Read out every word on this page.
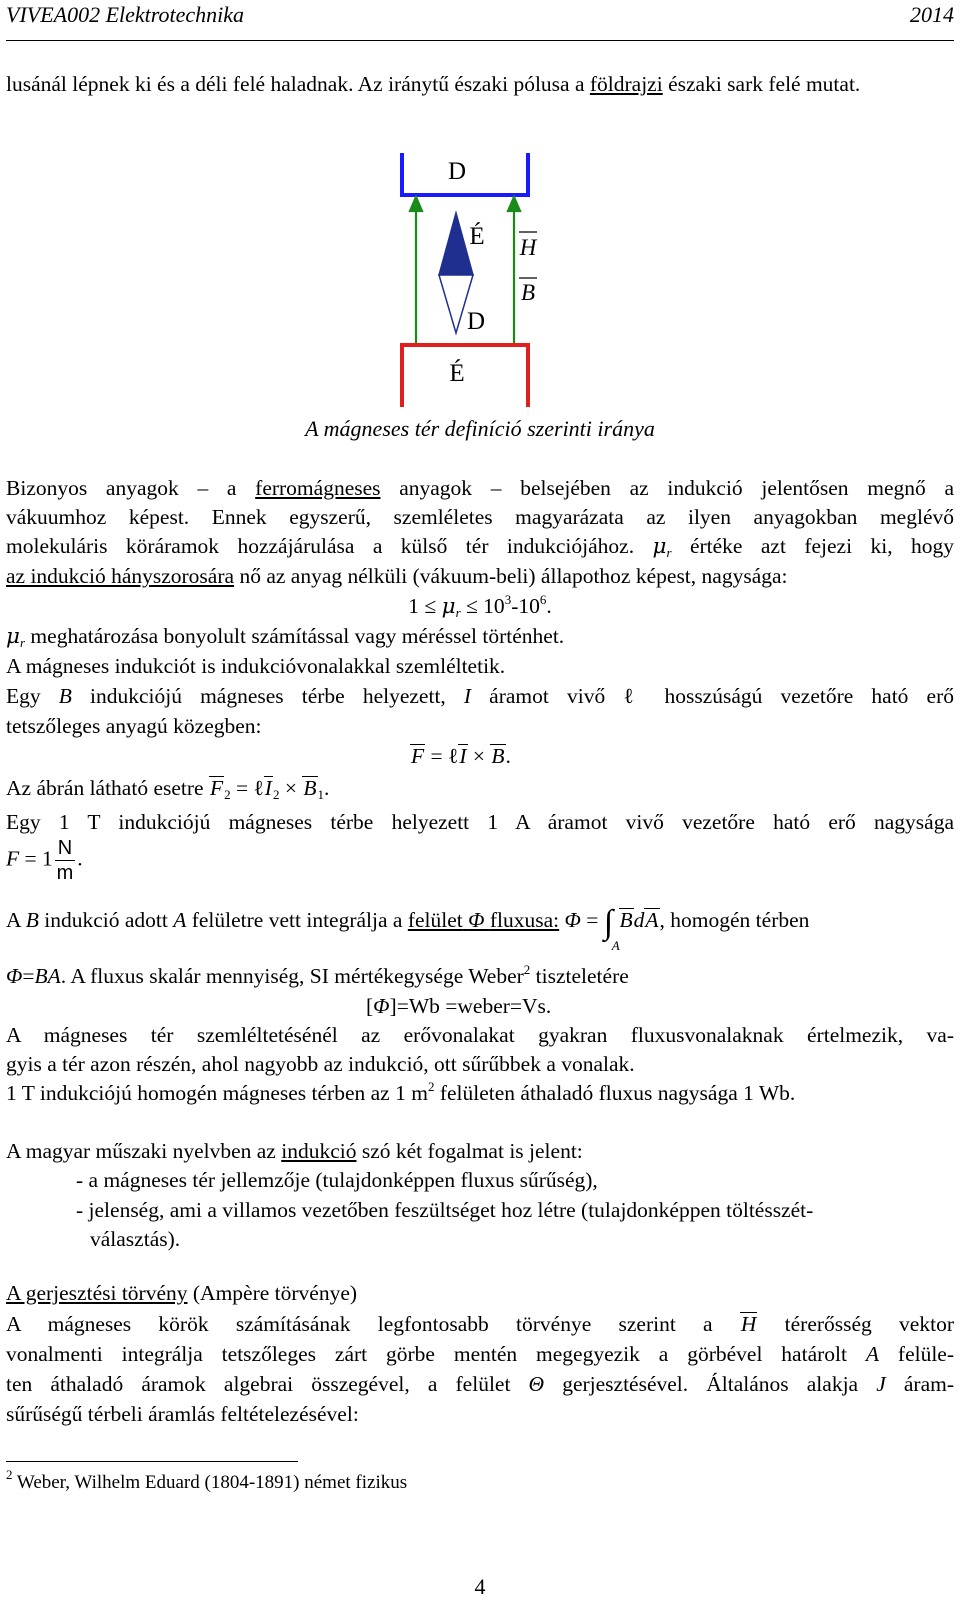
VIVEA002 Elektrotechnika	2014

lusánál lépnek ki és a déli felé haladnak. Az iránytű északi pólusa a földrajzi északi sark felé mutat.

D
É
D
É
H
B
A mágneses tér definíció szerinti iránya

Bizonyos anyagok – a ferromágneses anyagok – belsejében az indukció jelentősen megnő a

vákuumhoz képest. Ennek egyszerű, szemléletes magyarázata az ilyen anyagokban meglévő

molekuláris köráramok hozzájárulása a külső tér indukciójához. $\mu_r$ értéke azt fejezi ki, hogy

az indukció hányszorosára nő az anyag nélküli (vákuum-beli) állapothoz képest, nagysága:

$1 \le \mu_r \le 10^3-10^6$.

$\mu_r$ meghatározása bonyolult számítással vagy méréssel történhet.

A mágneses indukciót is indukcióvonalakkal szemléltetik.

Egy B indukciójú mágneses térbe helyezett, I áramot vivő ℓ hosszúságú vezetőre ható erő

tetszőleges anyagú közegben:

F = ℓI × B.

Az ábrán látható esetre $F_2$ = ℓI$_2$ × $B_1$.

Egy 1 T indukciójú mágneses térbe helyezett 1 A áramot vivő vezetőre ható erő nagysága

$F = 1 \frac{N}{m}$ .

A B indukció adott A felületre vett integrálja a felület Φ fluxusa: Φ = ∫
A
BdA, homogén térben

Φ=BA. A fluxus skalár mennyiség, SI mértékegysége Weber$^2$ tiszteletére

[Φ]=Wb =weber=Vs.

A mágneses tér szemléltetésénél az erővonalakat gyakran fluxusvonalaknak értelmezik, va-

gyis a tér azon részén, ahol nagyobb az indukció, ott sűrűbbek a vonalak.

1 T indukciójú homogén mágneses térben az 1 $m^2$ felületen áthaladó fluxus nagysága 1 Wb.

A magyar műszaki nyelvben az indukció szó két fogalmat is jelent:

- a mágneses tér jellemzője (tulajdonképpen fluxus sűrűség),

- jelenség, ami a villamos vezetőben feszültséget hoz létre (tulajdonképpen töltésszét-

választás).

A gerjesztési törvény (Ampère törvénye)

A mágneses körök számításának legfontosabb törvénye szerint a H térerősség vektor

vonalmenti integrálja tetszőleges zárt görbe mentén megegyezik a görbével határolt A felüle-

ten áthaladó áramok algebrai összegével, a felület Θ gerjesztésével. Általános alakja J áram-

sűrűségű térbeli áramlás feltételezésével:

$^2$ Weber, Wilhelm Eduard (1804-1891) német fizikus
4
